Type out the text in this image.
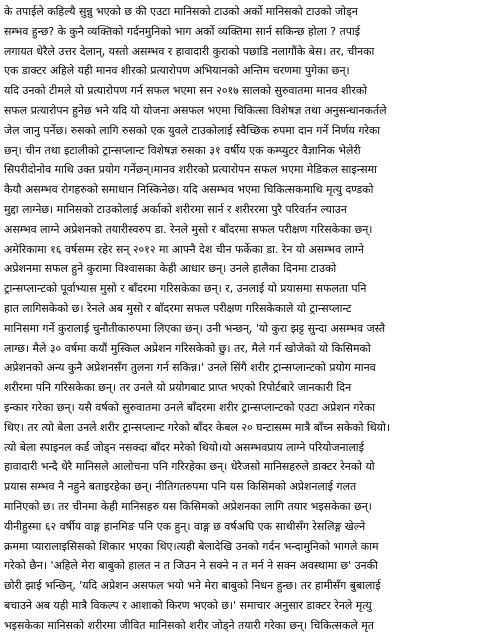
के तपाईले कहिल्यै सुन्नु भएको छ की एउटा मानिसको टाउको अर्को मानिसको टाउको जोड्न
सम्भव हुन्छ? के कुनै व्यक्तिको गर्दनमुनिको भाग अर्को व्यक्तिमा सार्न सकिन्छ होला ? तपाई
लगायत धेरैले उत्तर देलान्, यस्तो असम्भव र हावादारी कुराको पछाडि नलागौंके बेस। तर, चीनका
एक डाक्टर अहिले यही मानव शीरको प्रत्यारोपण अभियानको अन्तिम चरणमा पुगेका छन्।
यदि उनको टीमले यो प्रत्यारोपण गर्न सफल भएमा सन २०१७ सालको सुरुवातमा मानव शीरको
सफल प्रत्यारोपन हुनेछ भने यदि यो योजना असफल भएमा चिकित्सा विशेषज्ञ तथा अनुसन्धानकर्तले
जेल जानु पर्नेछ। रुसको लागि रुसको एक युवले टाउकोलाई स्वैच्छिक रुपमा दान गर्ने निर्णय गरेका
छन्। चीन तथा इटालीको ट्रान्सप्लान्ट विशेषज्ञ रुसका ३१ वर्षीय एक कम्प्युटर वैज्ञानिक भेलेरी
सिपरीदोनोव माथि उक्त प्रयोग गर्नेछन्।मानव शरीरको प्रत्यारोपन सफल भएमा मेडिकल साइन्समा
कैयौ असम्भव रोगहरुको समाधान निस्किनेछ। यदि असम्भव भएमा चिकित्सकमाथि मृत्यु दण्डको
मुद्दा लाग्नेछ। मानिसको टाउकोलाई अर्काको शरीरमा सार्न र शरीररमा पुरै परिवर्तन ल्याउन
असम्भव लाग्ने अप्रेशनको तयारीस्वरुप डा. रेनले मुसो र बाँदरमा सफल परीक्षण गरिसकेका छन्।
अमेरिकामा १६ वर्षसम्म रहेर सन् २०१२ मा आफ्नै देश चीन फर्केका डा. रेन यो असम्भव लाग्ने
अप्रेशनमा सफल हुने कुरामा विश्वासका केही आधार छन्। उनले हालैका दिनमा टाउको
ट्रान्सप्लान्टको पूर्वाभ्यास मुसो र बाँदरमा गरिसकेका छन्। र, उनलाई यो प्रयासमा सफलता पनि
हात लागिसकेको छ। रेनले अब मुसो र बाँदरमा सफल परीक्षण गरिसकेकाले यो ट्रान्सप्लान्ट
मानिसमा गर्ने कुरालाई चुनौतीकारुपमा लिएका छन्। उनी भन्छन्, 'यो कुरा झट्ट सुन्दा असम्भव जस्तै
लाग्छ। मैले ३० वर्षमा कयौं मुस्किल अप्रेशन गरिसकेको छु। तर, मैले गर्न खोजेको यो किसिमको
अप्रेशनको अन्य कुनै अप्रेशनसँग तुलना गर्न सकिन्न।' उनले सिंगै शरीर ट्रान्सप्लान्टको प्रयोग मानव
शरीरमा पनि गरिसकेका छन्। तर उनले यो प्रयोगबाट प्राप्त भएको रिपोर्टबारे जानकारी दिन
इन्कार गरेका छन्। यसै वर्षको सुरुवातमा उनले बाँदरमा शरीर ट्रान्सप्लान्टको एउटा अप्रेशन गरेका
थिए। तर त्यो बेला उनले शरीर ट्रान्सप्लान्ट गरेको बाँदर केबल २० घन्टासम्म मात्रै बाँच्न सकेको थियो।
त्यो बेला स्पाइनल कर्ड जोड्न नसक्दा बाँदर मरेको थियो।यो असम्भवप्राय लाग्ने परियोजनालाई
हावादारी भन्दै धेरै मानिसले आलोचना पनि गरिरहेका छन्। धेरैजसो मानिसहरुले डाक्टर रेनको यो
प्रयास सम्भव नै नहुने बताइरहेका छन्। नीतिगतरुपमा पनि यस किसिमको अप्रेशनलाई गलत
मानिएको छ। तर चीनमा केही मानिसहरु यस किसिमको अप्रेशनका लागि तयार भइसकेका छन्।
यीनीहुस्मा ६२ वर्षीय वाङ्ग हानमिङ पनि एक हुन्। वाङ्ग छ वर्षअघि एक साथीसँग रेसलिङ्ग खेल्ने
क्रममा प्यारालाइसिसको शिकार भएका थिए।त्यही बेलादेखि उनको गर्दन भन्दामुनिको भागले काम
गरेको छैन। 'अहिले मेरा बाबुको हालत न त जिउन ने सक्ने न त मर्न ने सक्न अवस्थामा छ' उनकी
छोरी झाई भन्छिन्, 'यदि अप्रेशन असफल भयो भने मेरा बाबुको निधन हुन्छ। तर हामीसँग बुबालाई
बचाउने अब यही मात्रै विकल्प र आशाको किरण भएको छ।' समाचार अनुसार डाक्टर रेनले मृत्यु
भइसकेका मानिसको शरीरमा जीवित मानिसको शरीर जोड्ने तयारी गरेका छन्। चिकित्सकले मृत
